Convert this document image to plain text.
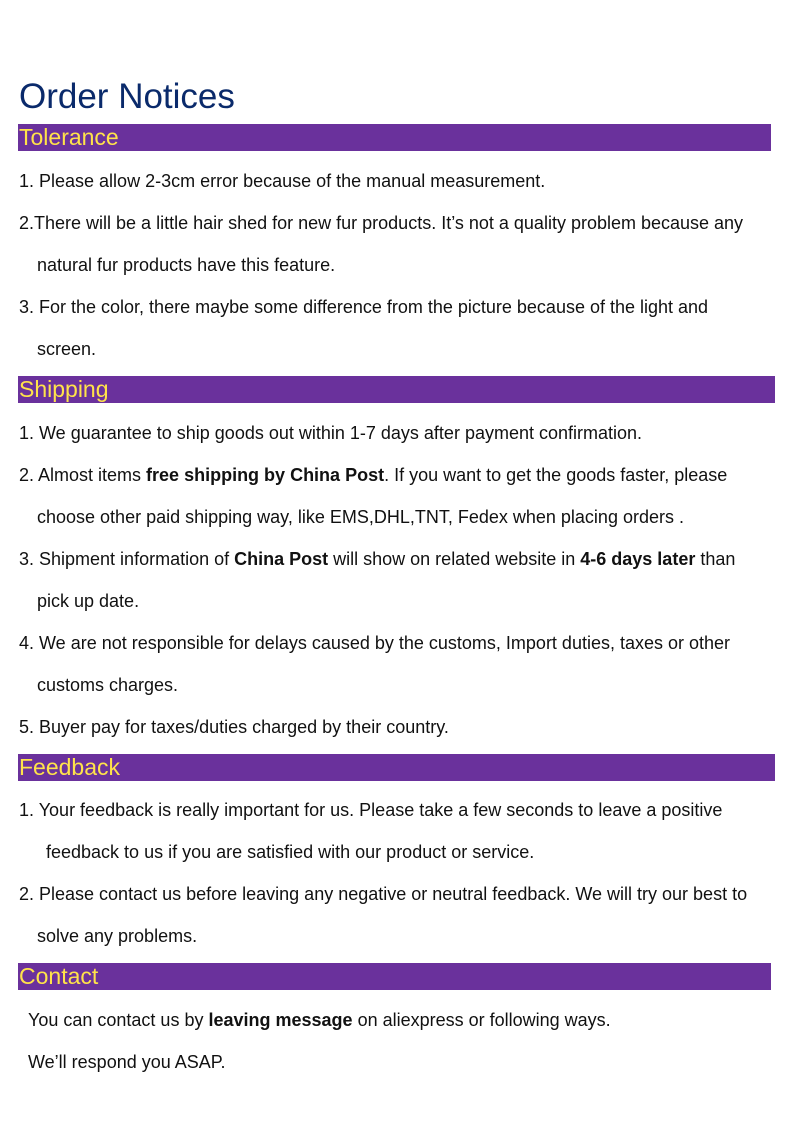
Order Notices
Tolerance
1. Please allow 2-3cm error because of the manual measurement.
2.There will be a little hair shed for new fur products. It’s not a quality problem because any
natural fur products have this feature.
3. For the color, there maybe some difference from the picture because of the light and
screen.
Shipping
1. We guarantee to ship goods out within 1-7 days after payment confirmation.
2. Almost items free shipping by China Post. If you want to get the goods faster, please
choose other paid shipping way, like EMS,DHL,TNT, Fedex when placing orders .
3. Shipment information of China Post will show on related website in 4-6 days later than
pick up date.
4. We are not responsible for delays caused by the customs, Import duties, taxes or other
customs charges.
5. Buyer pay for taxes/duties charged by their country.
Feedback
1. Your feedback is really important for us. Please take a few seconds to leave a positive
feedback to us if you are satisfied with our product or service.
2. Please contact us before leaving any negative or neutral feedback. We will try our best to
solve any problems.
Contact
You can contact us by leaving message on aliexpress or following ways.
We’ll respond you ASAP.
